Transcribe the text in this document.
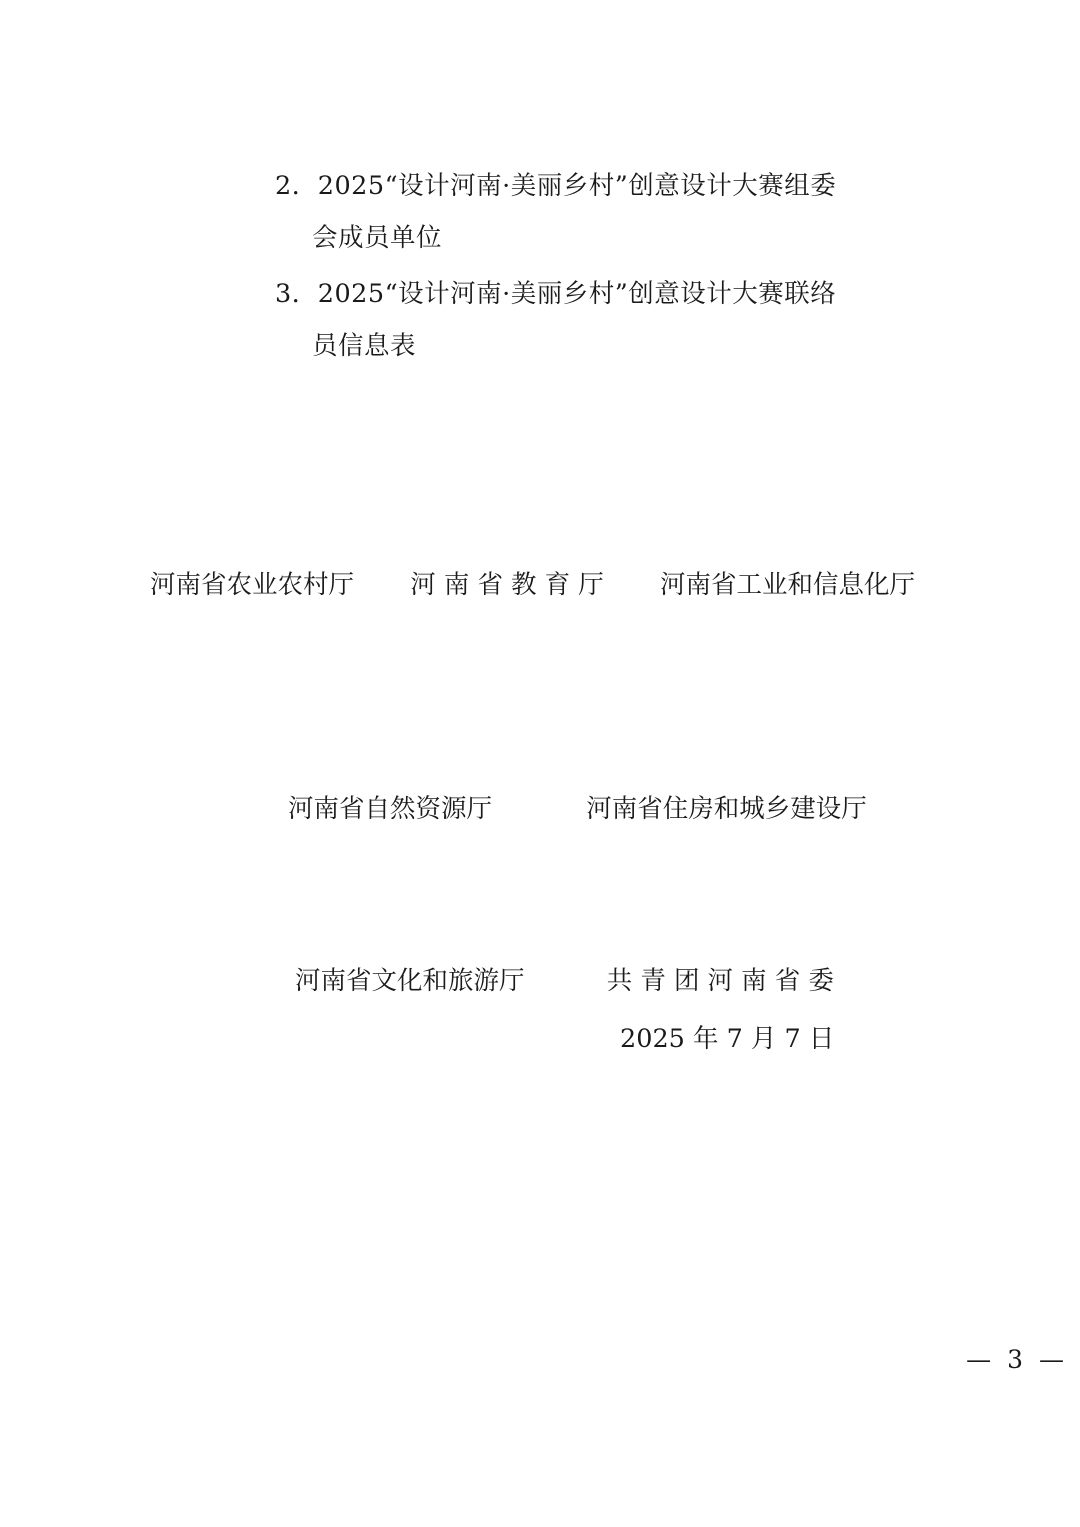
2．2025“设计河南·美丽乡村”创意设计大赛组委
会成员单位
3．2025“设计河南·美丽乡村”创意设计大赛联络
员信息表
河南省农业农村厅 河 南 省 教 育 厅 河南省工业和信息化厅
河南省自然资源厅	河南省住房和城乡建设厅
河南省文化和旅游厅	共 青 团 河 南 省 委
2025 年 7 月 7 日
— 3 —
